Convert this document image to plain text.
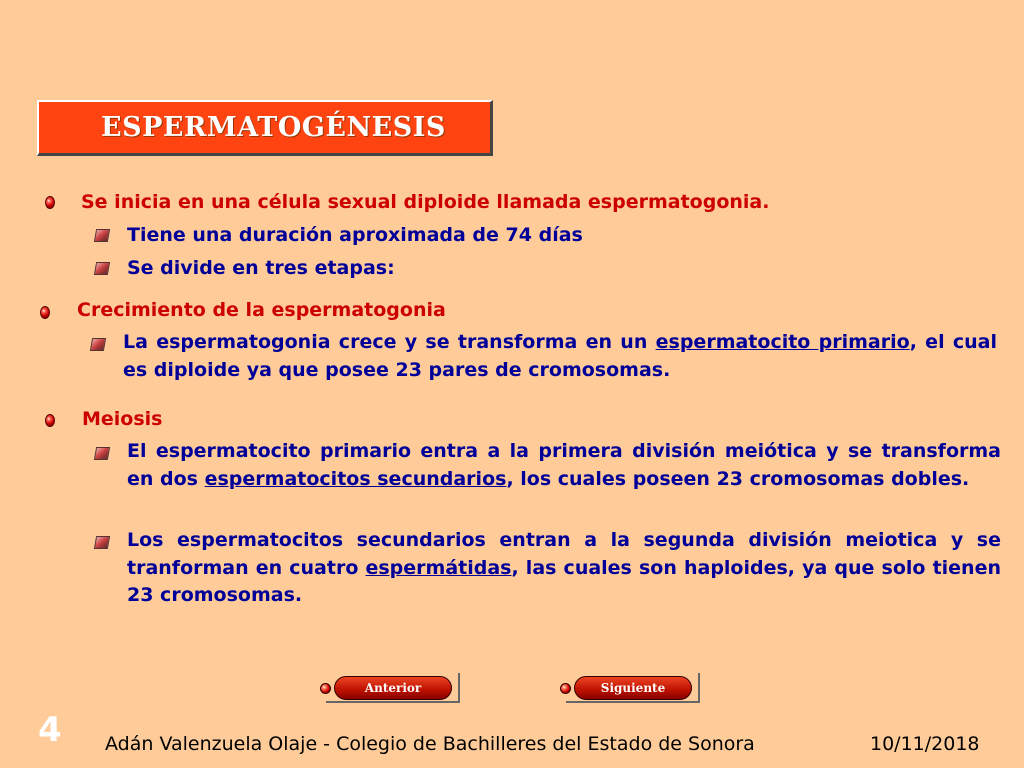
ESPERMATOGÉNESIS
Se inicia en una célula sexual diploide llamada espermatogonia.
Tiene una duración aproximada de 74 días
Se divide en tres etapas:
Crecimiento de la espermatogonia
La espermatogonia crece y se transforma en un espermatocito primario, el cual es diploide ya que posee 23 pares de cromosomas.
Meiosis
El espermatocito primario entra a la primera división meiótica y se transforma en dos espermatocitos secundarios, los cuales poseen 23 cromosomas dobles.
Los espermatocitos secundarios entran a la segunda división meiotica y se tranforman en cuatro espermátidas, las cuales son haploides, ya que solo tienen 23 cromosomas.
Anterior	Siguiente
4 Adán Valenzuela Olaje - Colegio de Bachilleres del Estado de Sonora	10/11/2018
